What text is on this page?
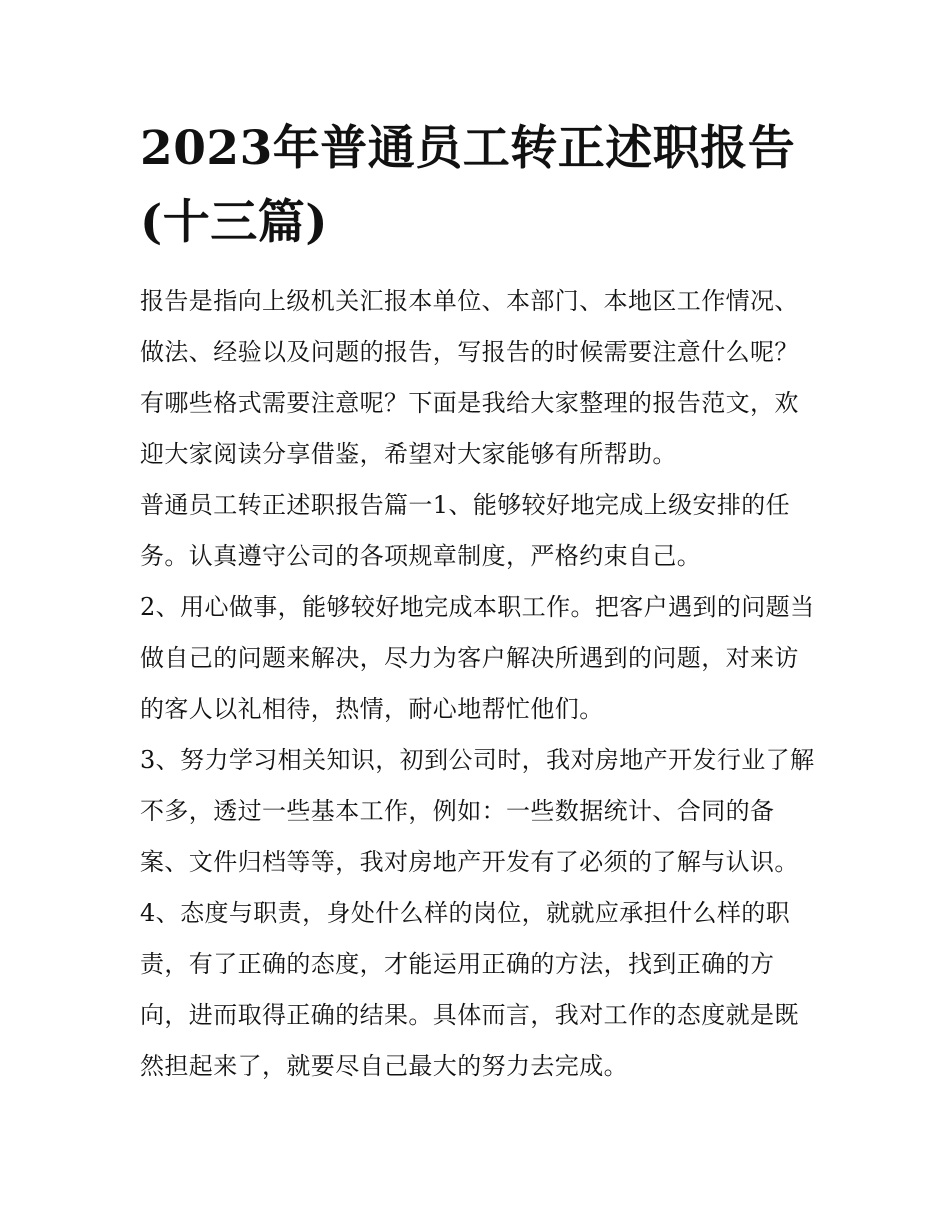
2023年普通员工转正述职报告(十三篇)

报告是指向上级机关汇报本单位、本部门、本地区工作情况、做法、经验以及问题的报告，写报告的时候需要注意什么呢？有哪些格式需要注意呢？下面是我给大家整理的报告范文，欢迎大家阅读分享借鉴，希望对大家能够有所帮助。

普通员工转正述职报告篇一1、能够较好地完成上级安排的任务。认真遵守公司的各项规章制度，严格约束自己。

2、用心做事，能够较好地完成本职工作。把客户遇到的问题当做自己的问题来解决，尽力为客户解决所遇到的问题，对来访的客人以礼相待，热情，耐心地帮忙他们。

3、努力学习相关知识，初到公司时，我对房地产开发行业了解不多，透过一些基本工作，例如：一些数据统计、合同的备案、文件归档等等，我对房地产开发有了必须的了解与认识。

4、态度与职责，身处什么样的岗位，就就应承担什么样的职责，有了正确的态度，才能运用正确的方法，找到正确的方向，进而取得正确的结果。具体而言，我对工作的态度就是既然担起来了，就要尽自己最大的努力去完成。
